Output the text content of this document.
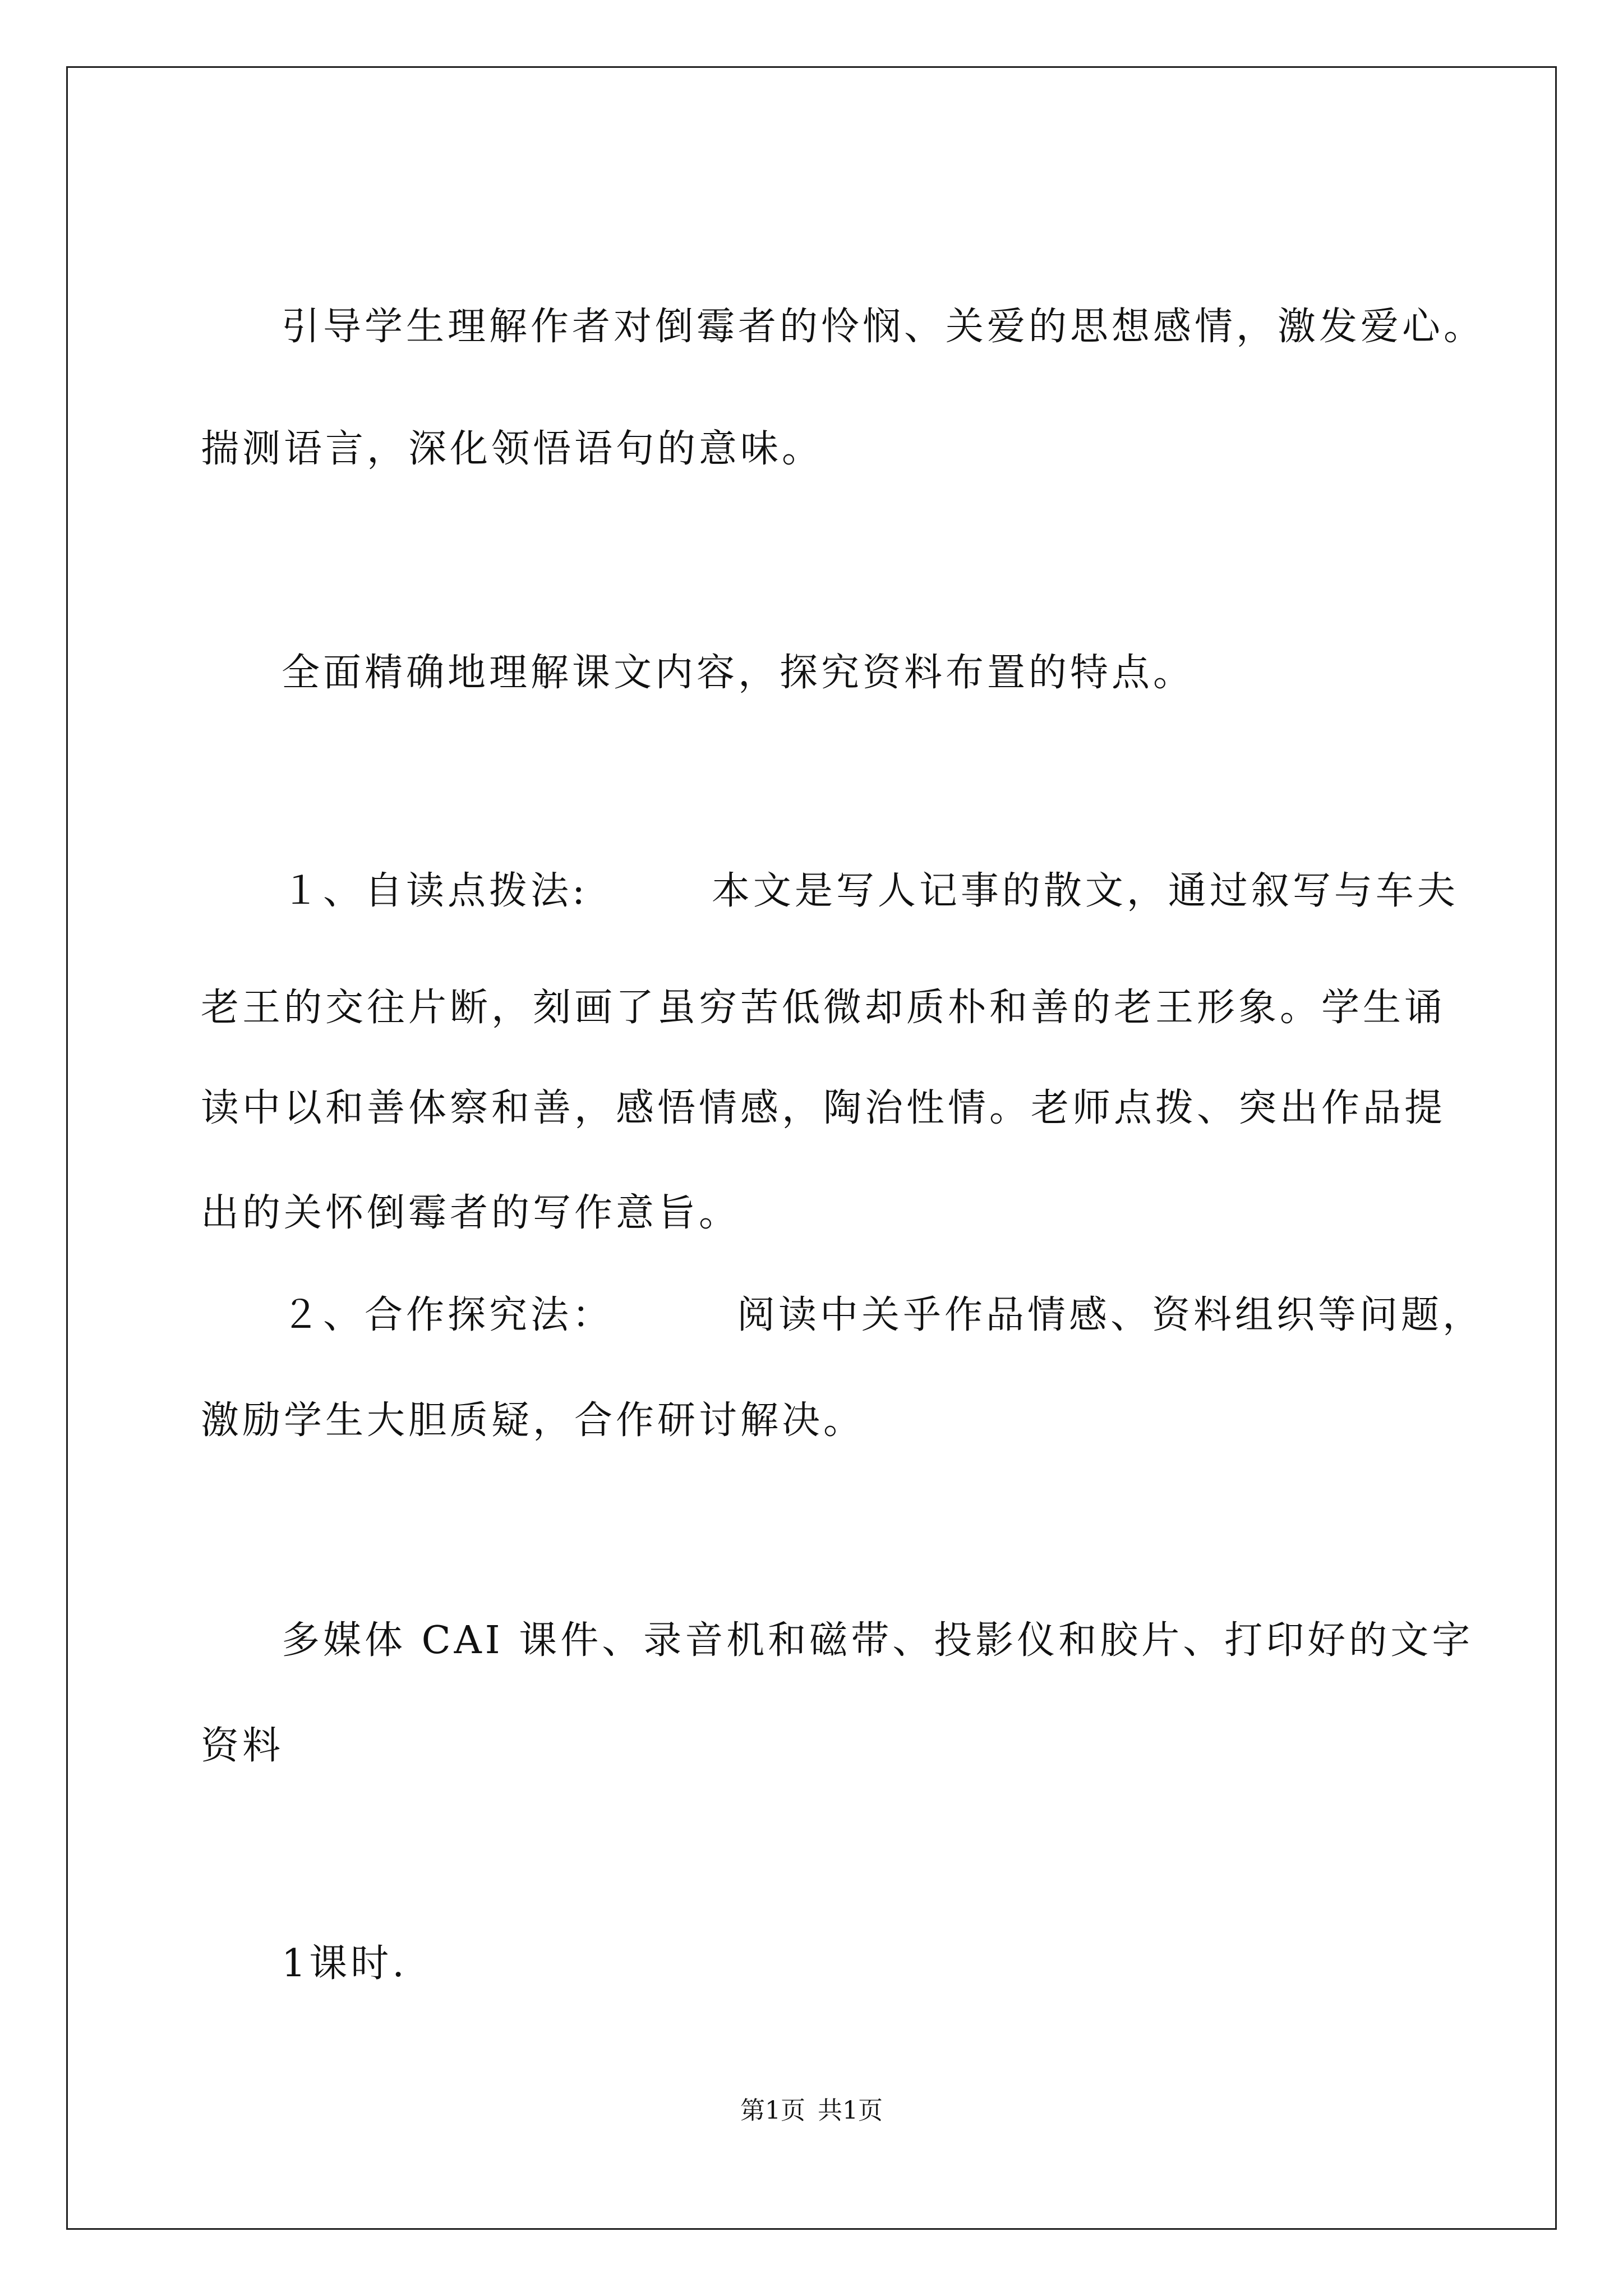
引导学生理解作者对倒霉者的怜悯、关爱的思想感情，激发爱心。
揣测语言，深化领悟语句的意味。
全面精确地理解课文内容，探究资料布置的特点。
１、自读点拨法:	本文是写人记事的散文，通过叙写与车夫
老王的交往片断，刻画了虽穷苦低微却质朴和善的老王形象。学生诵
读中以和善体察和善，感悟情感，陶治性情。老师点拨、突出作品提
出的关怀倒霉者的写作意旨。
２、合作探究法：	阅读中关乎作品情感、资料组织等问题，
激励学生大胆质疑，合作研讨解决。
多媒体 CAI 课件、录音机和磁带、投影仪和胶片、打印好的文字
资料
1课时.
第1页 共1页
